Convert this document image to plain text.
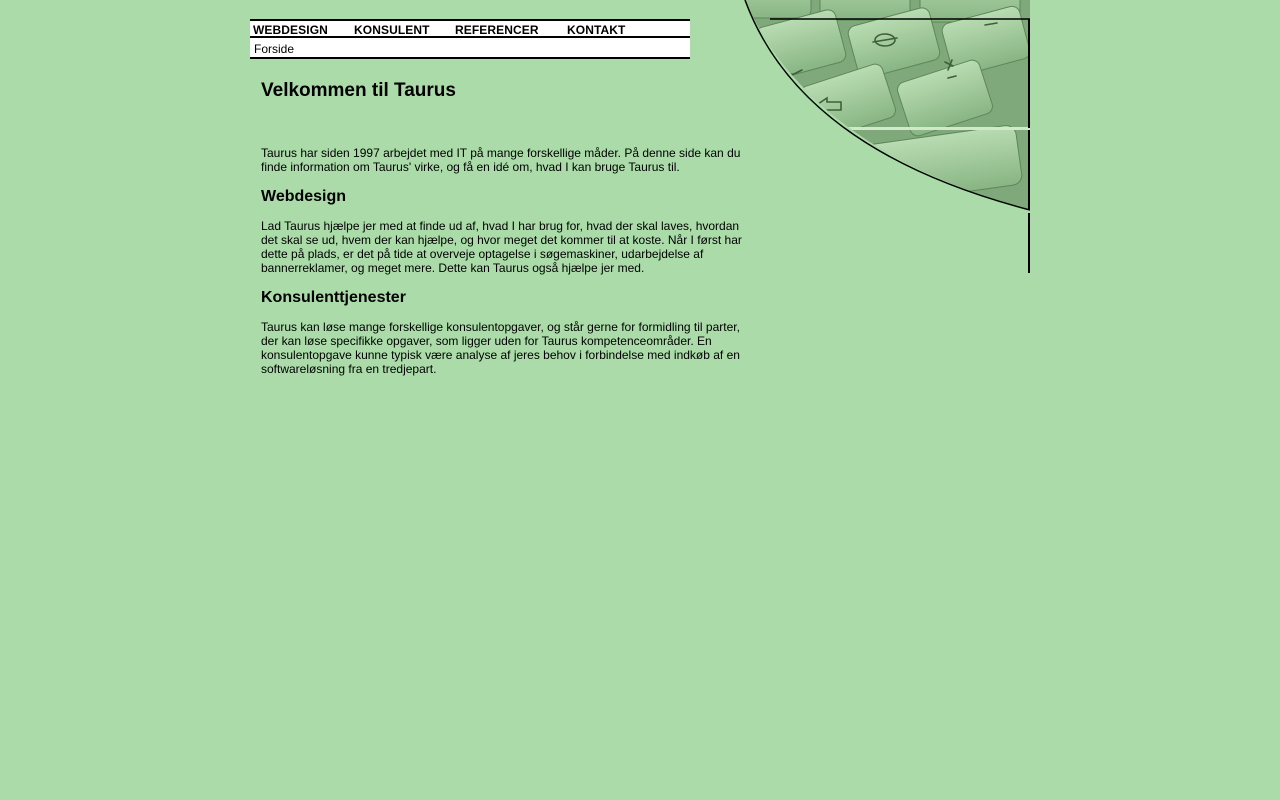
WEBDESIGN KONSULENT REFERENCER KONTAKT
Forside
Velkommen til Taurus

Taurus har siden 1997 arbejdet med IT på mange forskellige måder. På denne side kan du finde information om Taurus' virke, og få en idé om, hvad I kan bruge Taurus til.

Webdesign

Lad Taurus hjælpe jer med at finde ud af, hvad I har brug for, hvad der skal laves, hvordan det skal se ud, hvem der kan hjælpe, og hvor meget det kommer til at koste. Når I først har dette på plads, er det på tide at overveje optagelse i søgemaskiner, udarbejdelse af bannerreklamer, og meget mere. Dette kan Taurus også hjælpe jer med.

Konsulenttjenester

Taurus kan løse mange forskellige konsulentopgaver, og står gerne for formidling til parter, der kan løse specifikke opgaver, som ligger uden for Taurus kompetenceområder. En konsulentopgave kunne typisk være analyse af jeres behov i forbindelse med indkøb af en softwareløsning fra en tredjepart.
